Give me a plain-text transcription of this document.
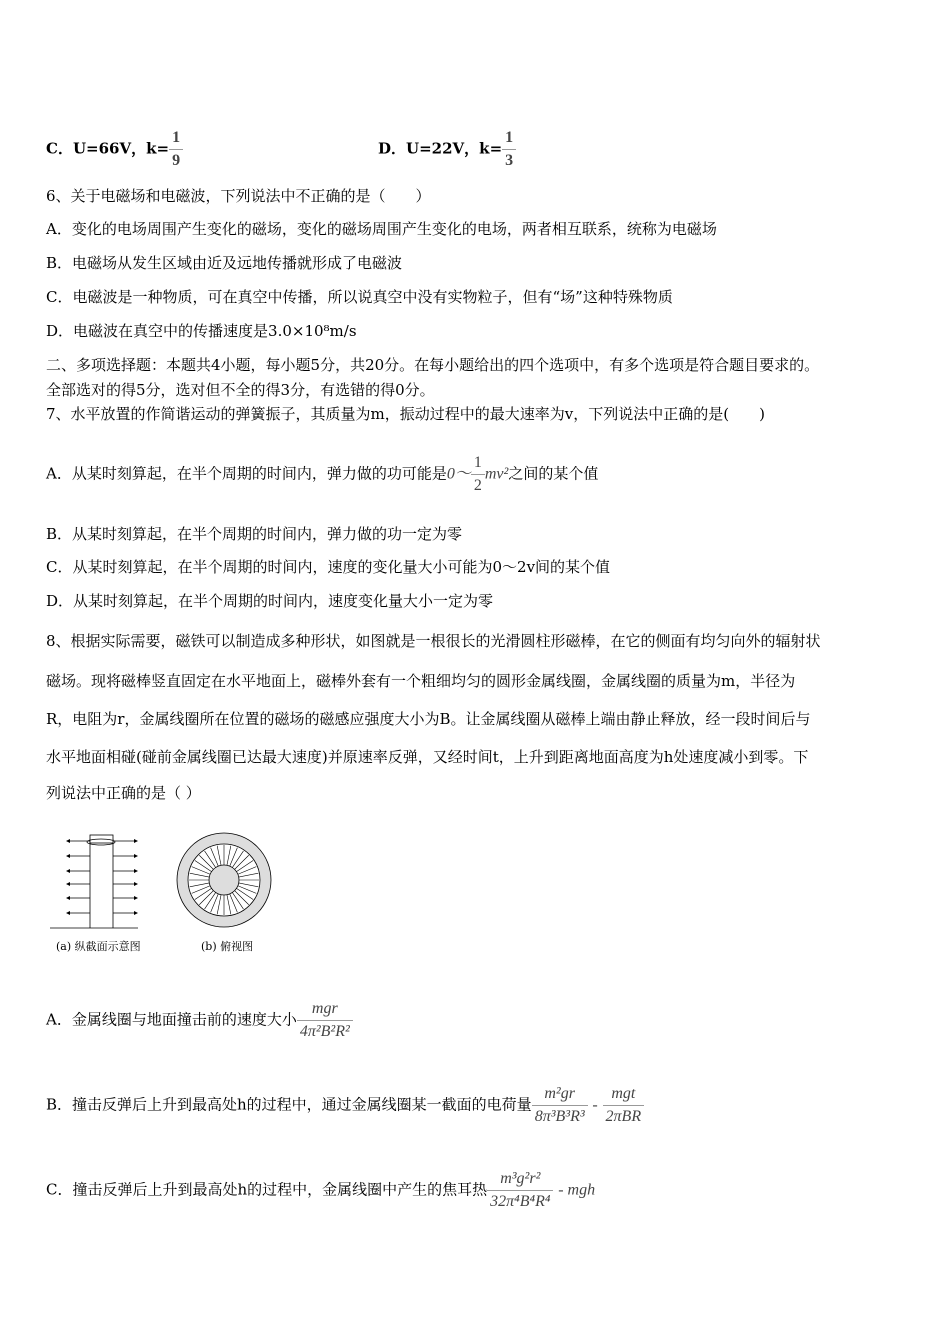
C．U=66V，$k= \frac{1}{9}$	D．U=22V，$k= \frac{1}{3}$
6、关于电磁场和电磁波，下列说法中不正确的是（　　）
A．变化的电场周围产生变化的磁场，变化的磁场周围产生变化的电场，两者相互联系，统称为电磁场
B．电磁场从发生区域由近及远地传播就形成了电磁波
C．电磁波是一种物质，可在真空中传播，所以说真空中没有实物粒子，但有“场”这种特殊物质
D．电磁波在真空中的传播速度是3.0×10⁸m/s
二、多项选择题：本题共4小题，每小题5分，共20分。在每小题给出的四个选项中，有多个选项是符合题目要求的。
全部选对的得5分，选对但不全的得3分，有选错的得0分。
7、水平放置的作简谐运动的弹簧振子，其质量为m，振动过程中的最大速率为v，下列说法中正确的是(　　)
A．从某时刻算起，在半个周期的时间内，弹力做的功可能是0～ $\frac{1}{2} mv^2$之间的某个值
B．从某时刻算起，在半个周期的时间内，弹力做的功一定为零
C．从某时刻算起，在半个周期的时间内，速度的变化量大小可能为0～2v间的某个值
D．从某时刻算起，在半个周期的时间内，速度变化量大小一定为零
8、根据实际需要，磁铁可以制造成多种形状，如图就是一根很长的光滑圆柱形磁棒，在它的侧面有均匀向外的辐射状
磁场。现将磁棒竖直固定在水平地面上，磁棒外套有一个粗细均匀的圆形金属线圈，金属线圈的质量为m，半径为
R，电阻为r，金属线圈所在位置的磁场的磁感应强度大小为B。让金属线圈从磁棒上端由静止释放，经一段时间后与
水平地面相碰(碰前金属线圈已达最大速度)并原速率反弹，又经时间t，上升到距离地面高度为h处速度减小到零。下
列说法中正确的是（ ）
(a) 纵截面示意图	(b) 俯视图
A．金属线圈与地面撞击前的速度大小 $\frac{\text{mgr}}{\text{4π²B²R²}}$
B．撞击反弹后上升到最高处h的过程中，通过金属线圈某一截面的电荷量 $\frac{\text{m²gr}}{\text{8π³B³R³}} - \frac{\text{mgt}}{\text{2πBR}}$
C．撞击反弹后上升到最高处h的过程中，金属线圈中产生的焦耳热 $\frac{\text{m³g²r²}}{\text{32π⁴B⁴R⁴}}$ - mgh
